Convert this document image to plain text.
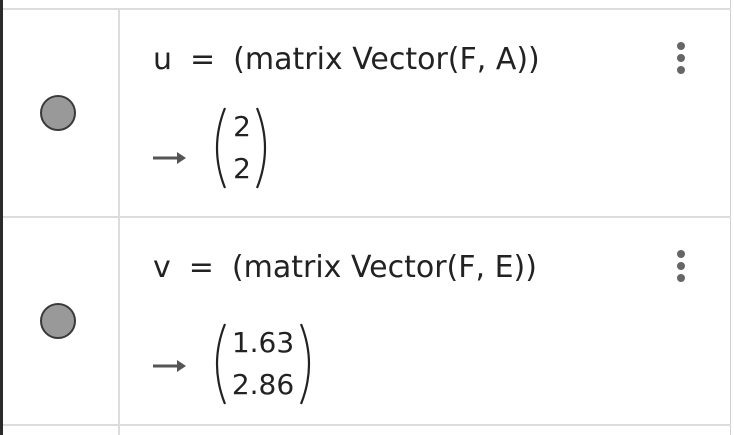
u = (matrix Vector(F, A))
2
2
v = (matrix Vector(F, E))
1.63
2.86
